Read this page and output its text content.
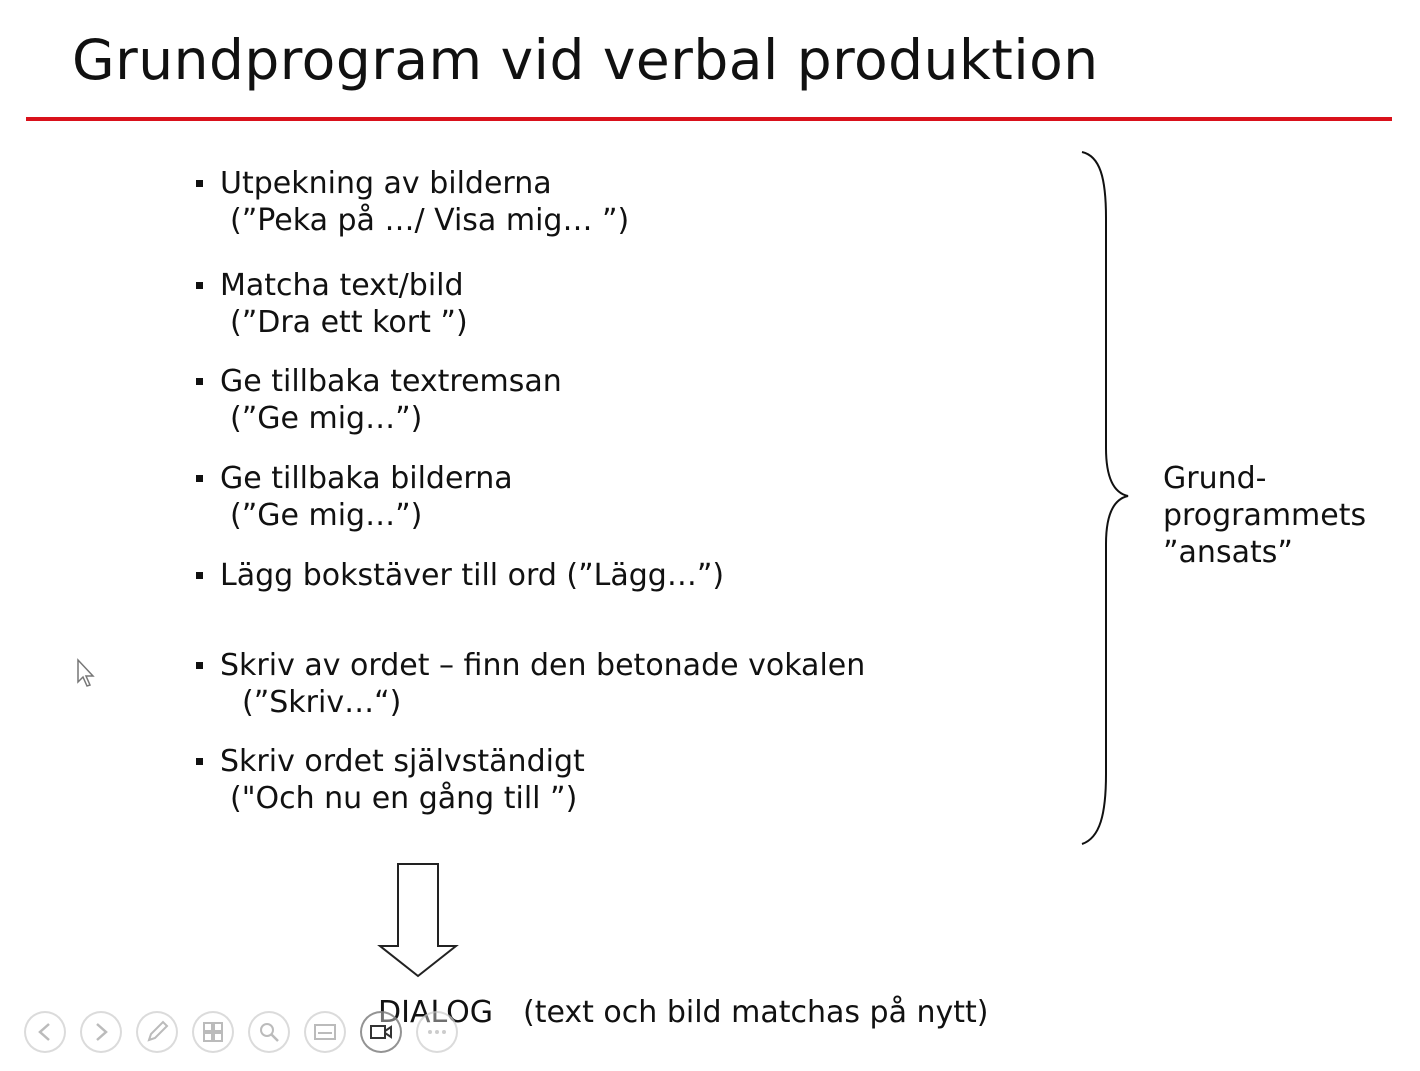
Grundprogram vid verbal produktion
Utpekning av bilderna
(”Peka på …/ Visa mig… ”)
Matcha text/bild
(”Dra ett kort ”)
Ge tillbaka textremsan
(”Ge mig…”)
Ge tillbaka bilderna
(”Ge mig…”)
Lägg bokstäver till ord (”Lägg…”)
Skriv av ordet – finn den betonade vokalen
(”Skriv…“)
Skriv ordet självständigt
("Och nu en gång till ”)
Grund-
programmets
”ansats”
DIALOG (text och bild matchas på nytt)
